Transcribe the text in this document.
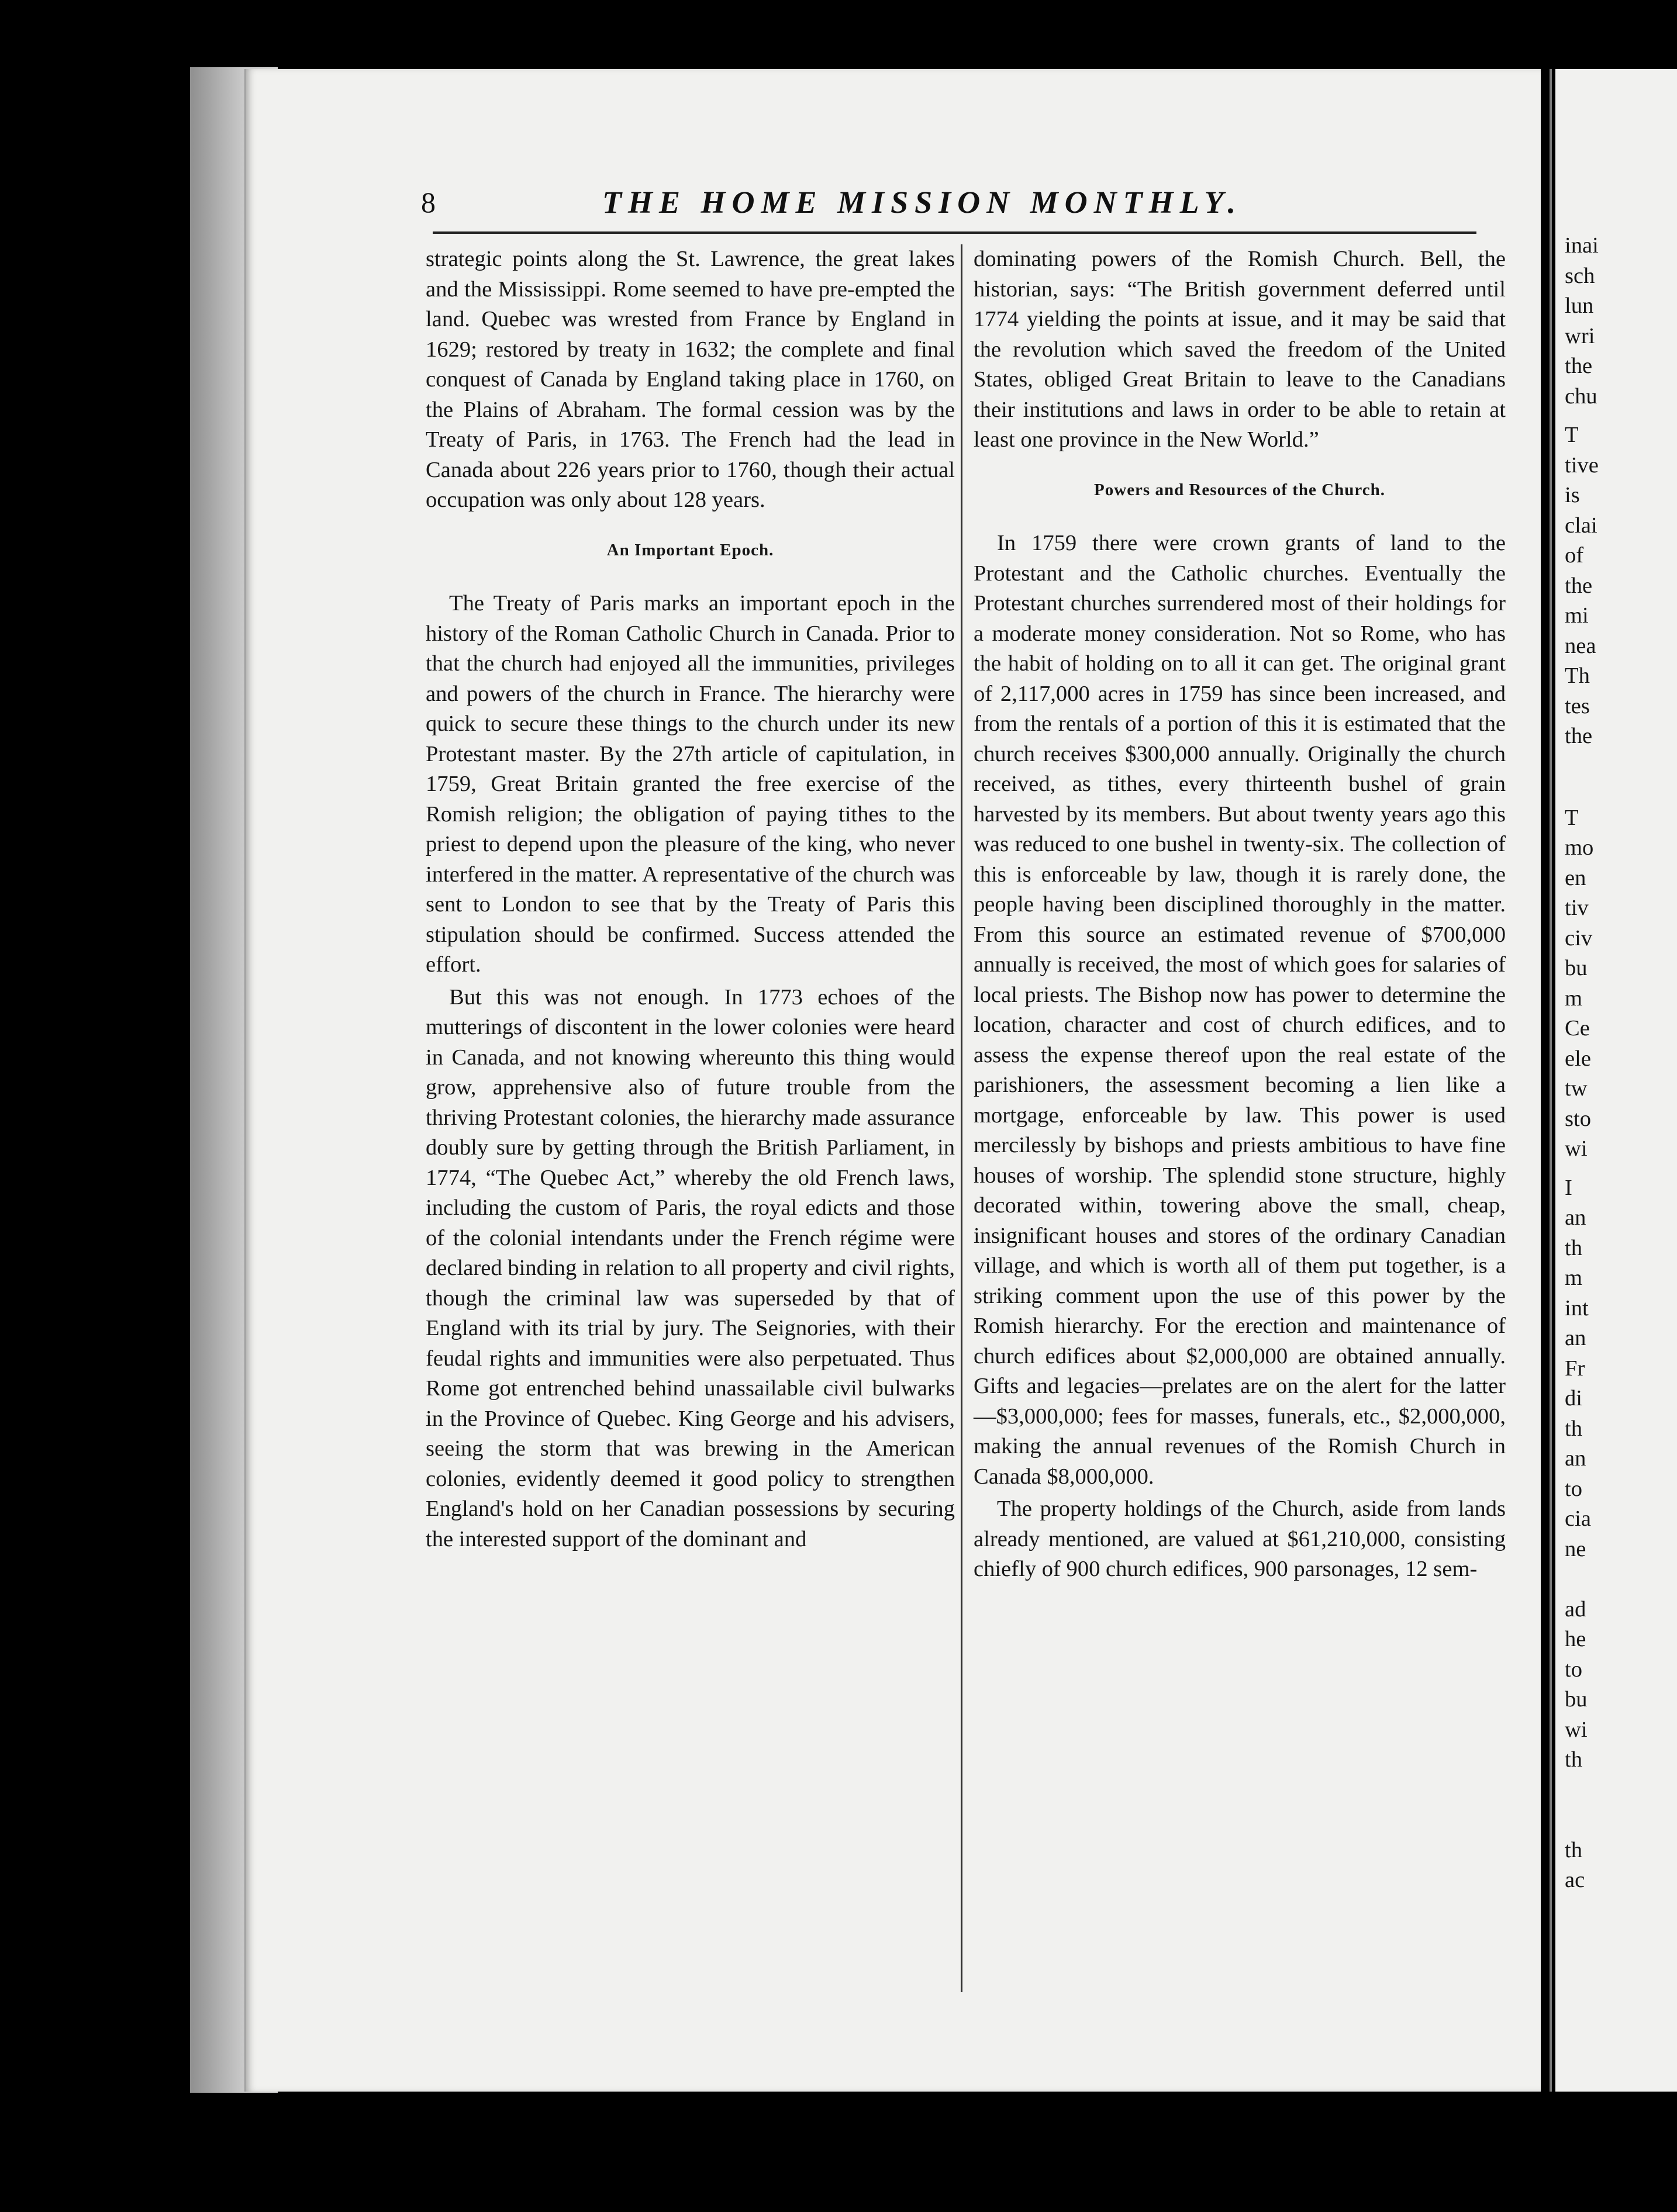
8	THE HOME MISSION MONTHLY.

strategic points along the St. Lawrence, the great lakes and the Mississippi. Rome seemed to have pre-empted the land. Quebec was wrested from France by England in 1629; restored by treaty in 1632; the complete and final conquest of Canada by England taking place in 1760, on the Plains of Abraham. The formal cession was by the Treaty of Paris, in 1763. The French had the lead in Canada about 226 years prior to 1760, though their actual occupation was only about 128 years.

An Important Epoch.

The Treaty of Paris marks an important epoch in the history of the Roman Catholic Church in Canada. Prior to that the church had enjoyed all the immunities, privileges and powers of the church in France. The hierarchy were quick to secure these things to the church under its new Protestant master. By the 27th article of capitulation, in 1759, Great Britain granted the free exercise of the Romish religion; the obligation of paying tithes to the priest to depend upon the pleasure of the king, who never interfered in the matter. A representative of the church was sent to London to see that by the Treaty of Paris this stipulation should be confirmed. Success attended the effort.

But this was not enough. In 1773 echoes of the mutterings of discontent in the lower colonies were heard in Canada, and not knowing whereunto this thing would grow, apprehensive also of future trouble from the thriving Protestant colonies, the hierarchy made assurance doubly sure by getting through the British Parliament, in 1774, “The Quebec Act,” whereby the old French laws, including the custom of Paris, the royal edicts and those of the colonial intendants under the French régime were declared binding in relation to all property and civil rights, though the criminal law was superseded by that of England with its trial by jury. The Seignories, with their feudal rights and immunities were also perpetuated. Thus Rome got entrenched behind unassailable civil bulwarks in the Province of Quebec. King George and his advisers, seeing the storm that was brewing in the American colonies, evidently deemed it good policy to strengthen England's hold on her Canadian possessions by securing the interested support of the dominant and

dominating powers of the Romish Church. Bell, the historian, says: “The British government deferred until 1774 yielding the points at issue, and it may be said that the revolution which saved the freedom of the United States, obliged Great Britain to leave to the Canadians their institutions and laws in order to be able to retain at least one province in the New World.”

Powers and Resources of the Church.

In 1759 there were crown grants of land to the Protestant and the Catholic churches. Eventually the Protestant churches surrendered most of their holdings for a moderate money consideration. Not so Rome, who has the habit of holding on to all it can get. The original grant of 2,117,000 acres in 1759 has since been increased, and from the rentals of a portion of this it is estimated that the church receives $300,000 annually. Originally the church received, as tithes, every thirteenth bushel of grain harvested by its members. But about twenty years ago this was reduced to one bushel in twenty-six. The collection of this is enforceable by law, though it is rarely done, the people having been disciplined thoroughly in the matter. From this source an estimated revenue of $700,000 annually is received, the most of which goes for salaries of local priests. The Bishop now has power to determine the location, character and cost of church edifices, and to assess the expense thereof upon the real estate of the parishioners, the assessment becoming a lien like a mortgage, enforceable by law. This power is used mercilessly by bishops and priests ambitious to have fine houses of worship. The splendid stone structure, highly decorated within, towering above the small, cheap, insignificant houses and stores of the ordinary Canadian village, and which is worth all of them put together, is a striking comment upon the use of this power by the Romish hierarchy. For the erection and maintenance of church edifices about $2,000,000 are obtained annually. Gifts and legacies—prelates are on the alert for the latter—$3,000,000; fees for masses, funerals, etc., $2,000,000, making the annual revenues of the Romish Church in Canada $8,000,000.

The property holdings of the Church, aside from lands already mentioned, are valued at $61,210,000, consisting chiefly of 900 church edifices, 900 parsonages, 12 sem-

inai
sch
lun
wri
the
chu
T
tive
is
clai
of
the
mi
nea
Th
tes
the
T
mo
en
tiv
civ
bu
m
Ce
ele
tw
sto
wi
I
an
th
m
int
an
Fr
di
th
an
to
cia
ne
ad
he
to
bu
wi
th
th
ac
